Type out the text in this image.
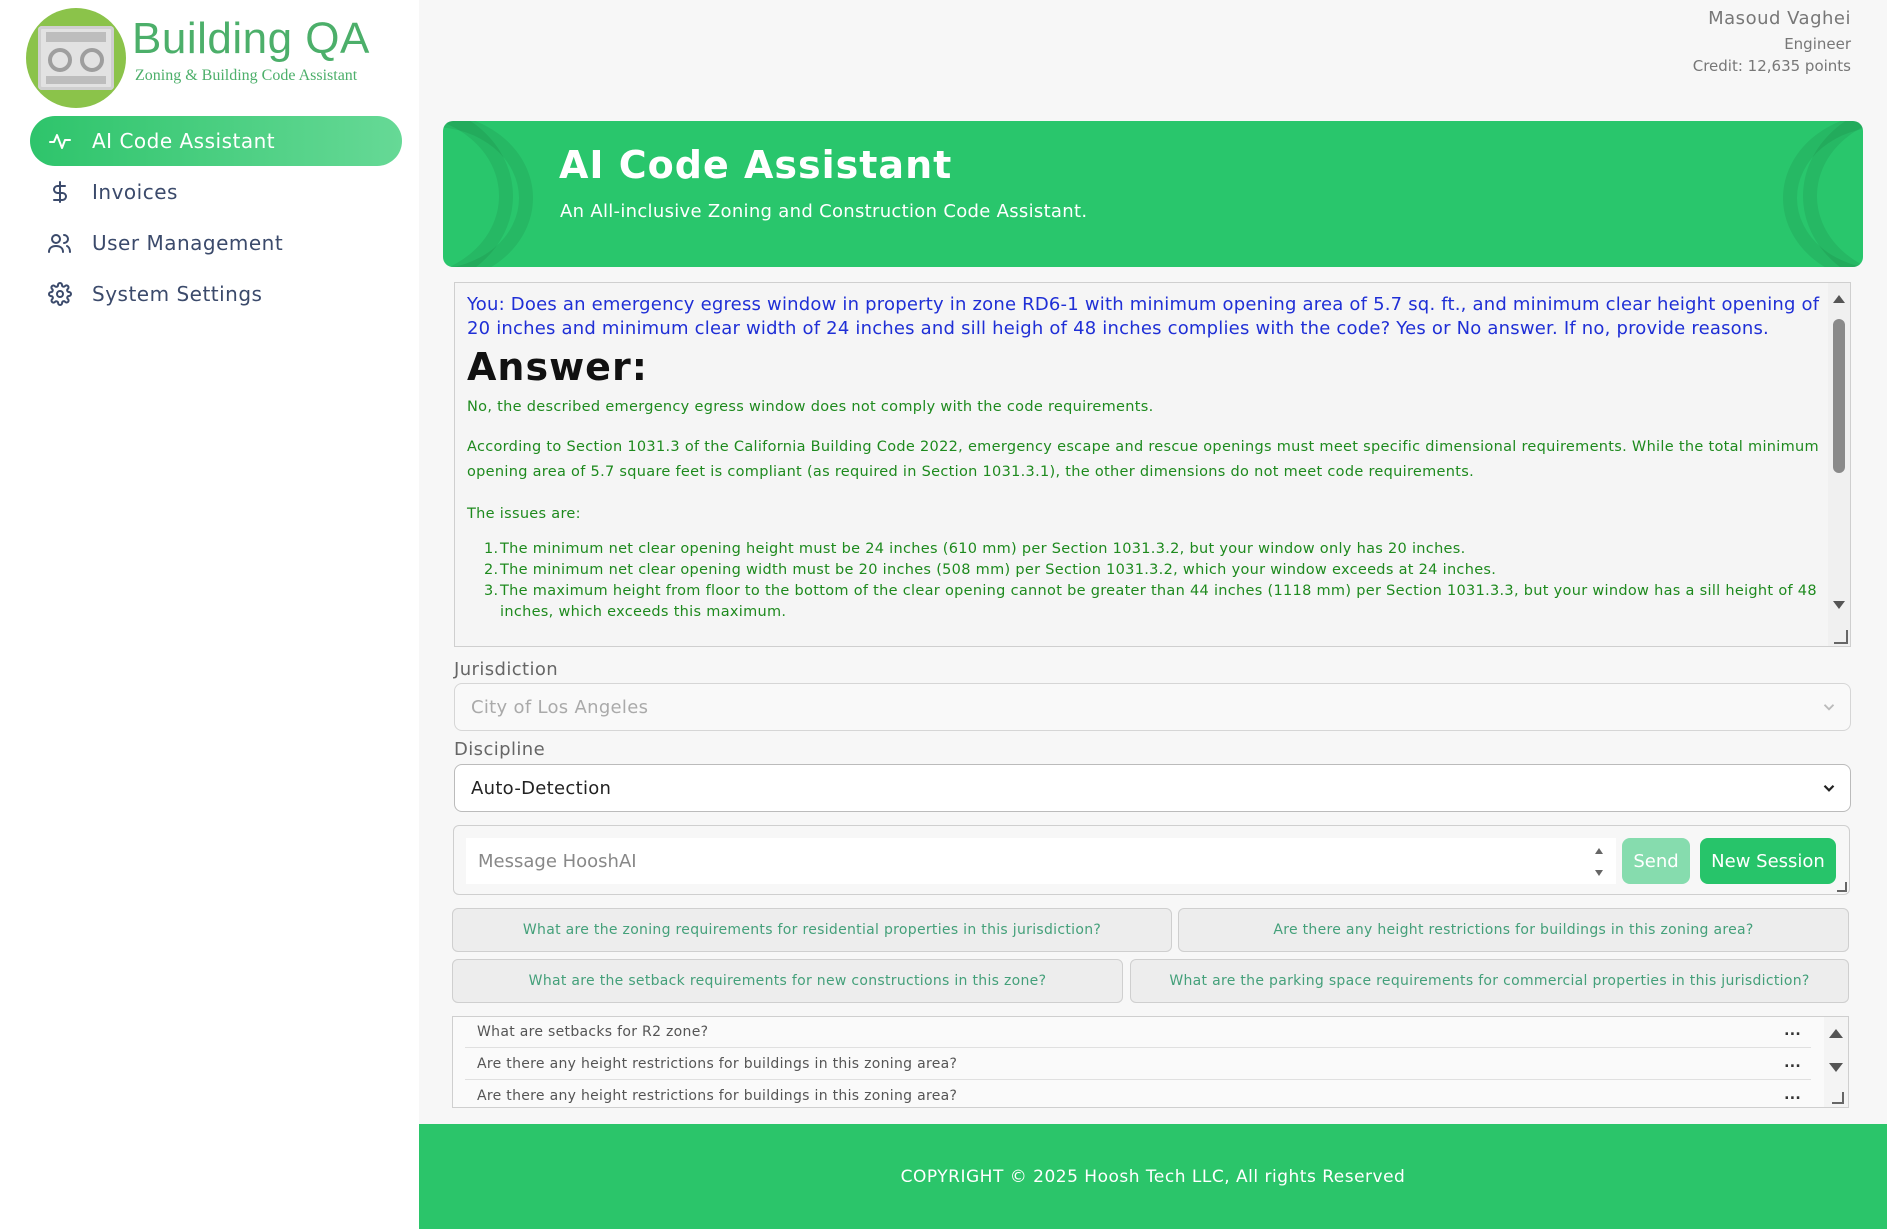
Building QA
Zoning & Building Code Assistant
AI Code Assistant
Invoices
User Management
System Settings
Masoud Vaghei
Engineer
Credit: 12,635 points
AI Code Assistant
An All-inclusive Zoning and Construction Code Assistant.

You: Does an emergency egress window in property in zone RD6-1 with minimum opening area of 5.7 sq. ft., and minimum clear height opening of 20 inches and minimum clear width of 24 inches and sill heigh of 48 inches complies with the code? Yes or No answer. If no, provide reasons.

Answer:

No, the described emergency egress window does not comply with the code requirements.

According to Section 1031.3 of the California Building Code 2022, emergency escape and rescue openings must meet specific dimensional requirements. While the total minimum opening area of 5.7 square feet is compliant (as required in Section 1031.3.1), the other dimensions do not meet code requirements.

The issues are:

1. The minimum net clear opening height must be 24 inches (610 mm) per Section 1031.3.2, but your window only has 20 inches.
2. The minimum net clear opening width must be 20 inches (508 mm) per Section 1031.3.2, which your window exceeds at 24 inches.
3. The maximum height from floor to the bottom of the clear opening cannot be greater than 44 inches (1118 mm) per Section 1031.3.3, but your window has a sill height of 48 inches, which exceeds this maximum.
Jurisdiction
City of Los Angeles
Discipline
Auto-Detection
Message HooshAI
Send	New Session
What are the zoning requirements for residential properties in this jurisdiction?	Are there any height restrictions for buildings in this zoning area?
What are the setback requirements for new constructions in this zone?	What are the parking space requirements for commercial properties in this jurisdiction?
What are setbacks for R2 zone?	...
Are there any height restrictions for buildings in this zoning area?	...
Are there any height restrictions for buildings in this zoning area?	...
COPYRIGHT © 2025 Hoosh Tech LLC, All rights Reserved
